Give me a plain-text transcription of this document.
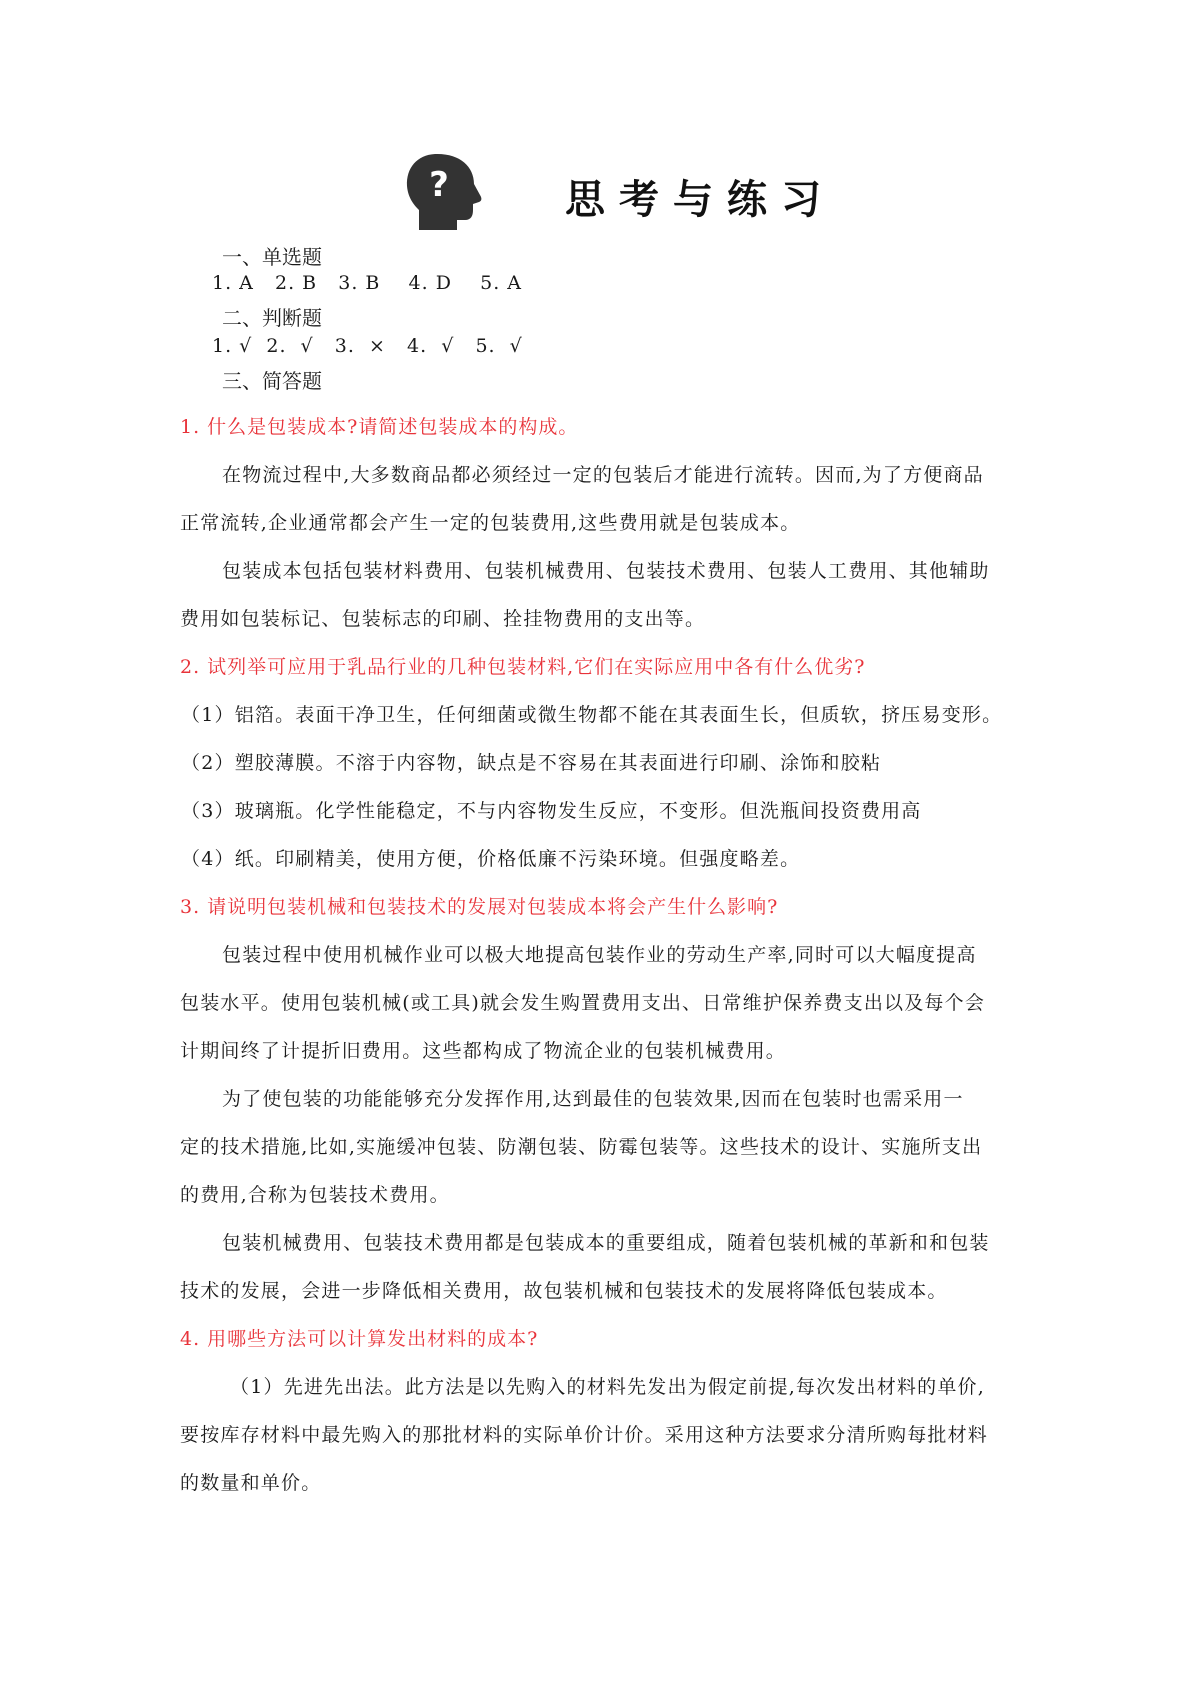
?	思考与练习
一、单选题
1. A   2. B   3. B    4. D    5. A
二、判断题
1. √  2.  √   3.  ×   4.  √   5.  √
三、简答题
1. 什么是包装成本?请简述包装成本的构成。
在物流过程中,大多数商品都必须经过一定的包装后才能进行流转。因而,为了方便商品
正常流转,企业通常都会产生一定的包装费用,这些费用就是包装成本。
包装成本包括包装材料费用、包装机械费用、包装技术费用、包装人工费用、其他辅助
费用如包装标记、包装标志的印刷、拴挂物费用的支出等。
2. 试列举可应用于乳品行业的几种包装材料,它们在实际应用中各有什么优劣?
（1）铝箔。表面干净卫生，任何细菌或微生物都不能在其表面生长，但质软，挤压易变形。
（2）塑胶薄膜。不溶于内容物，缺点是不容易在其表面进行印刷、涂饰和胶粘
（3）玻璃瓶。化学性能稳定，不与内容物发生反应，不变形。但洗瓶间投资费用高
（4）纸。印刷精美，使用方便，价格低廉不污染环境。但强度略差。
3. 请说明包装机械和包装技术的发展对包装成本将会产生什么影响?
包装过程中使用机械作业可以极大地提高包装作业的劳动生产率,同时可以大幅度提高
包装水平。使用包装机械(或工具)就会发生购置费用支出、日常维护保养费支出以及每个会
计期间终了计提折旧费用。这些都构成了物流企业的包装机械费用。
为了使包装的功能能够充分发挥作用,达到最佳的包装效果,因而在包装时也需采用一
定的技术措施,比如,实施缓冲包装、防潮包装、防霉包装等。这些技术的设计、实施所支出
的费用,合称为包装技术费用。
包装机械费用、包装技术费用都是包装成本的重要组成，随着包装机械的革新和和包装
技术的发展，会进一步降低相关费用，故包装机械和包装技术的发展将降低包装成本。
4. 用哪些方法可以计算发出材料的成本?
（1）先进先出法。此方法是以先购入的材料先发出为假定前提,每次发出材料的单价,
要按库存材料中最先购入的那批材料的实际单价计价。采用这种方法要求分清所购每批材料
的数量和单价。
